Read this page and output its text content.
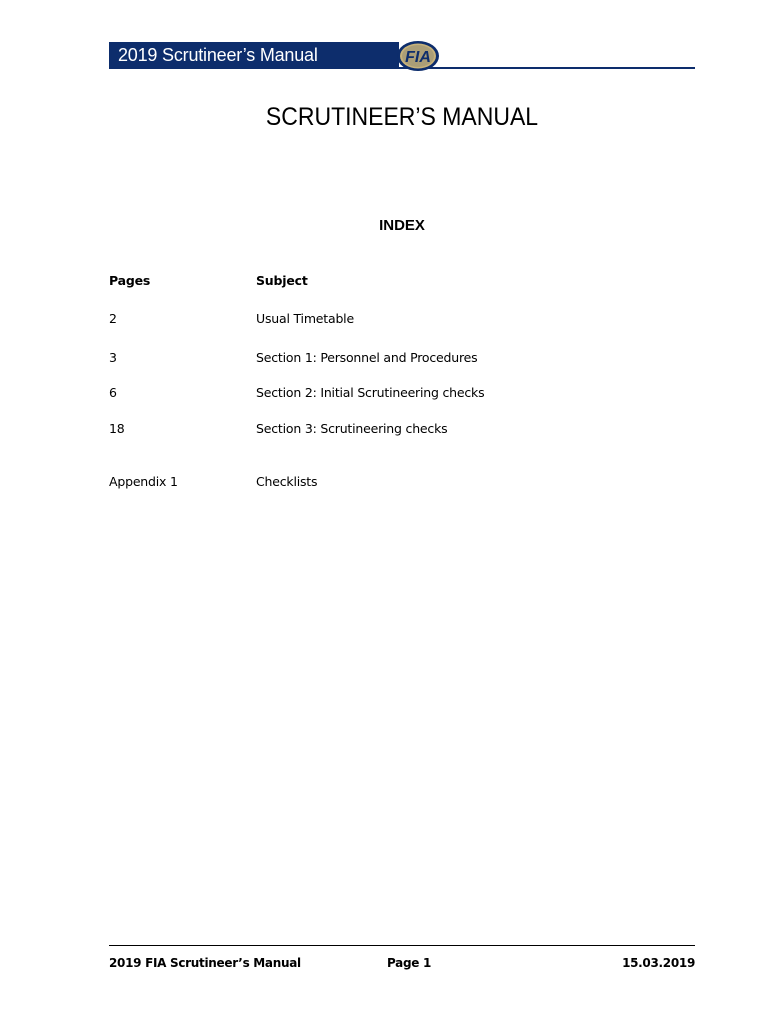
2019 Scrutineer’s Manual	FIA
SCRUTINEER’S MANUAL
INDEX
Pages	Subject
2	Usual Timetable
3	Section 1: Personnel and Procedures
6	Section 2: Initial Scrutineering checks
18	Section 3: Scrutineering checks
Appendix 1	Checklists
2019 FIA Scrutineer’s Manual	Page 1	15.03.2019
